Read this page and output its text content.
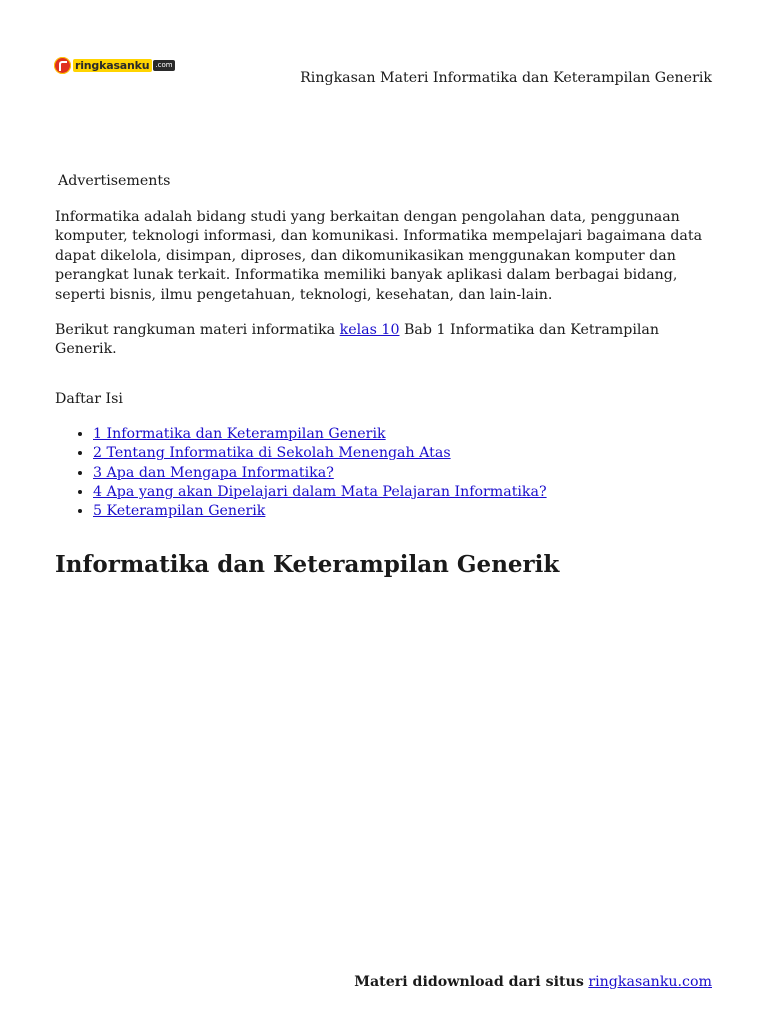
ringkasanku .com
Ringkasan Materi Informatika dan Keterampilan Generik
Advertisements

Informatika adalah bidang studi yang berkaitan dengan pengolahan data, penggunaan komputer, teknologi informasi, dan komunikasi. Informatika mempelajari bagaimana data dapat dikelola, disimpan, diproses, dan dikomunikasikan menggunakan komputer dan perangkat lunak terkait. Informatika memiliki banyak aplikasi dalam berbagai bidang, seperti bisnis, ilmu pengetahuan, teknologi, kesehatan, dan lain-lain.

Berikut rangkuman materi informatika kelas 10 Bab 1 Informatika dan Ketrampilan Generik.

Daftar Isi
• 1 Informatika dan Keterampilan Generik
• 2 Tentang Informatika di Sekolah Menengah Atas
• 3 Apa dan Mengapa Informatika?
• 4 Apa yang akan Dipelajari dalam Mata Pelajaran Informatika?
• 5 Keterampilan Generik
Informatika dan Keterampilan Generik
Materi didownload dari situs ringkasanku.com
